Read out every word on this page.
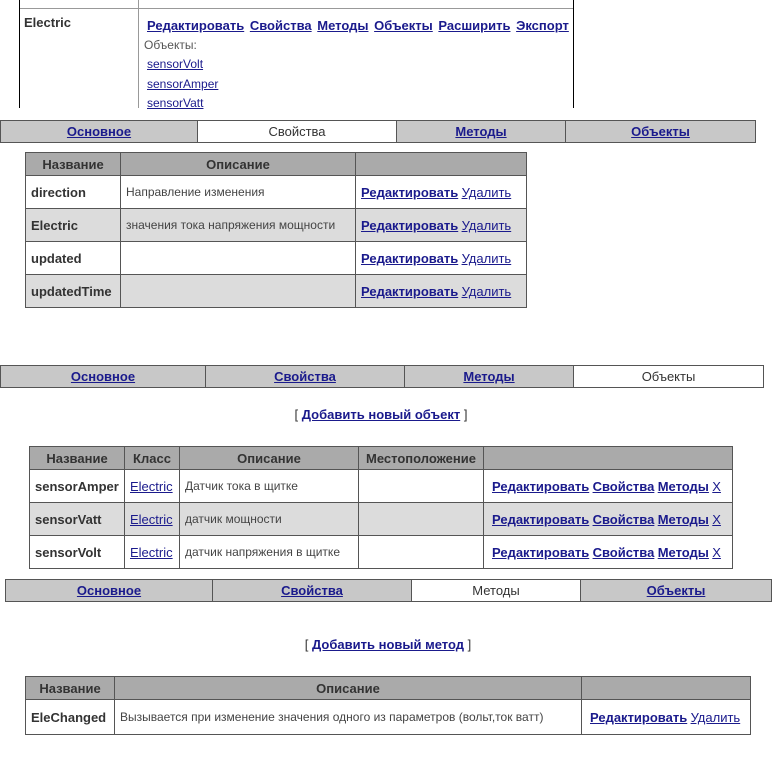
Electric	Редактировать Свойства Методы Объекты Расширить Экспорт
Объекты:
sensorVolt
sensorAmper
sensorVatt
Основное	Свойства	Методы	Объекты
Название	Описание	
direction	Направление изменения	Редактировать Удалить
Electric	значения тока напряжения мощности	Редактировать Удалить
updated		Редактировать Удалить
updatedTime		Редактировать Удалить
Основное	Свойства	Методы	Объекты
[ Добавить новый объект ]
Название	Класс	Описание	Местоположение	
sensorAmper	Electric	Датчик тока в щитке		Редактировать Свойства Методы X
sensorVatt	Electric	датчик мощности		Редактировать Свойства Методы X
sensorVolt	Electric	датчик напряжения в щитке		Редактировать Свойства Методы X
Основное	Свойства	Методы	Объекты
[ Добавить новый метод ]
Название	Описание	
EleChanged	Вызывается при изменение значения одного из параметров (вольт,ток ватт)	Редактировать Удалить
